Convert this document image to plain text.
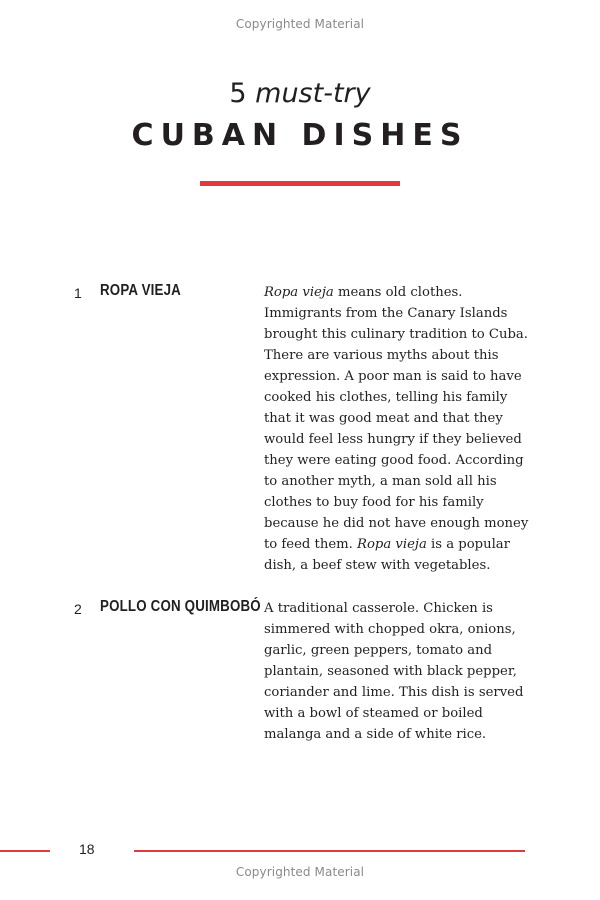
Copyrighted Material
5 must-try
CUBAN DISHES
1 ROPA VIEJA	Ropa vieja means old clothes. Immigrants from the Canary Islands brought this culinary tradition to Cuba. There are various myths about this expression. A poor man is said to have cooked his clothes, telling his family that it was good meat and that they would feel less hungry if they believed they were eating good food. According to another myth, a man sold all his clothes to buy food for his family because he did not have enough money to feed them. Ropa vieja is a popular dish, a beef stew with vegetables.

2 POLLO CON QUIMBOBÓ A traditional casserole. Chicken is simmered with chopped okra, onions, garlic, green peppers, tomato and plantain, seasoned with black pepper, coriander and lime. This dish is served with a bowl of steamed or boiled malanga and a side of white rice.

18
Copyrighted Material
